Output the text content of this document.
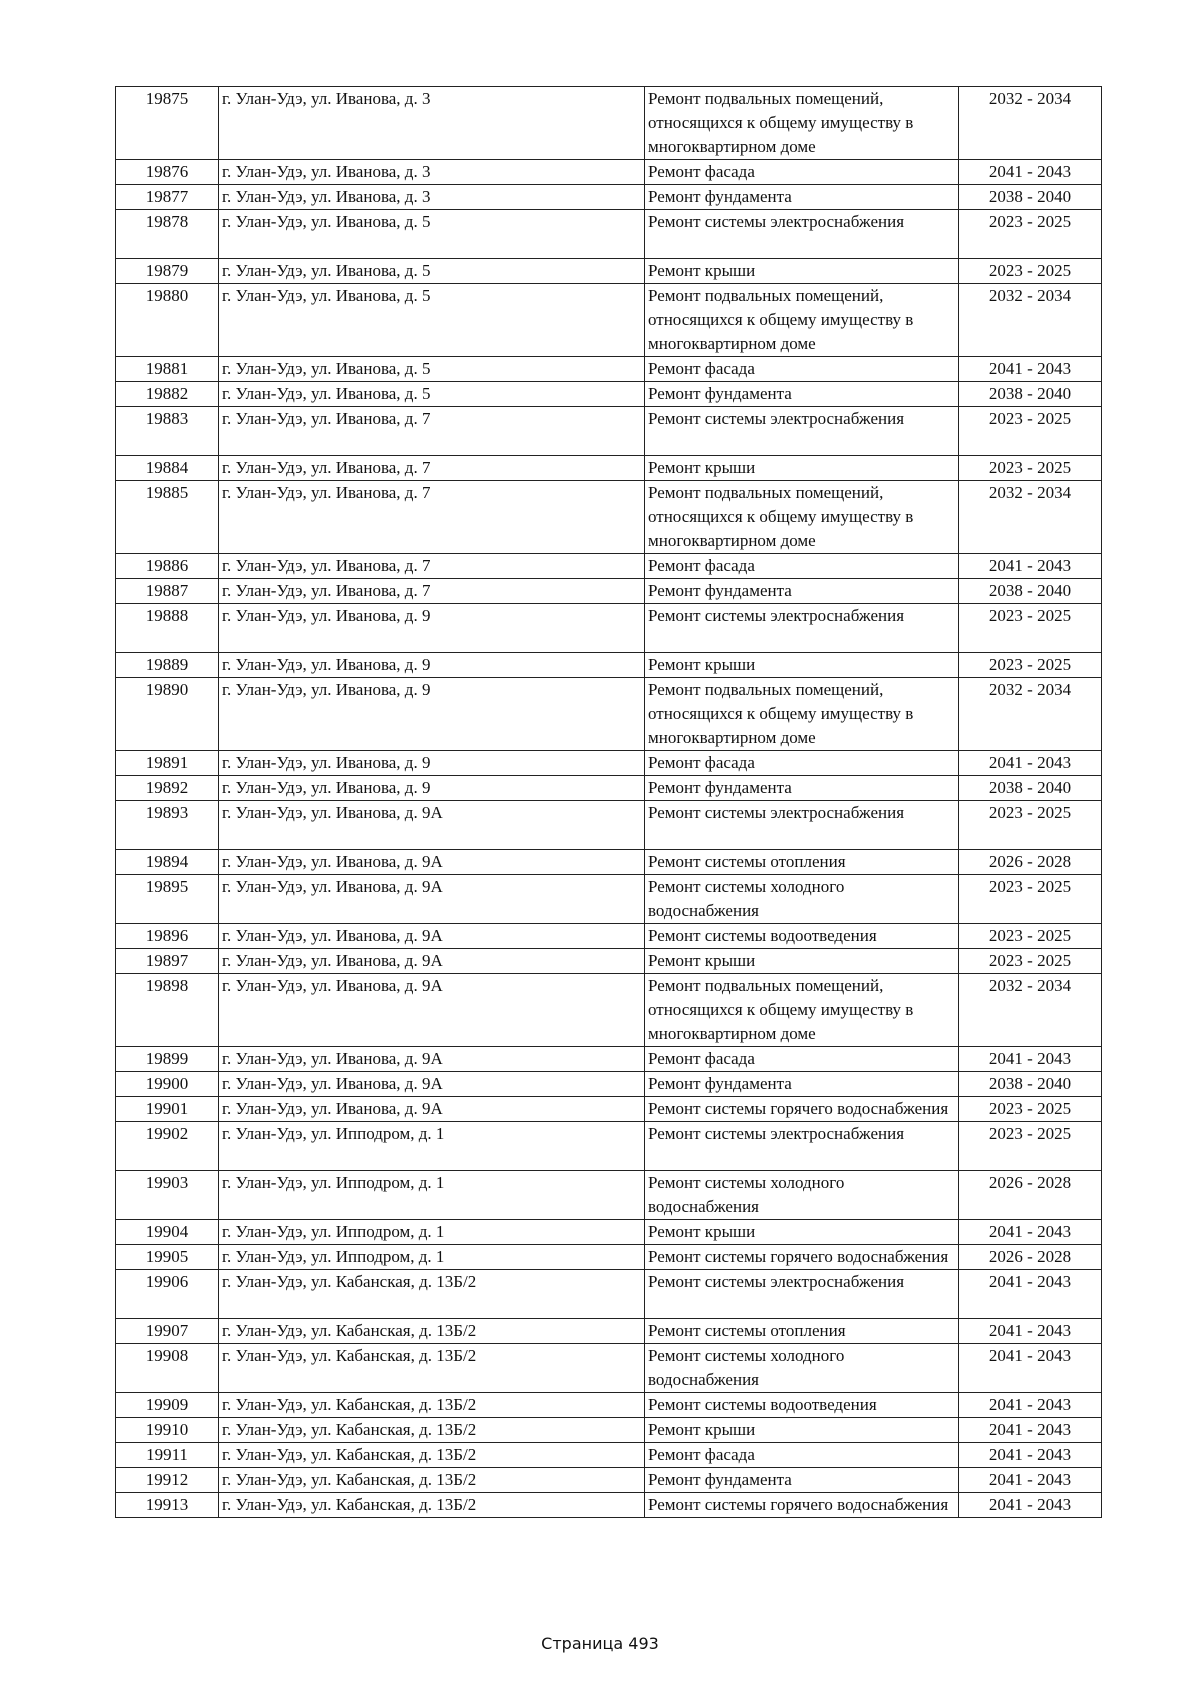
19875	г. Улан-Удэ, ул. Иванова, д. 3	Ремонт подвальных помещений, относящихся к общему имуществу в многоквартирном доме	2032 - 2034
19876	г. Улан-Удэ, ул. Иванова, д. 3	Ремонт фасада	2041 - 2043
19877	г. Улан-Удэ, ул. Иванова, д. 3	Ремонт фундамента	2038 - 2040
19878	г. Улан-Удэ, ул. Иванова, д. 5	Ремонт системы электроснабжения	2023 - 2025
19879	г. Улан-Удэ, ул. Иванова, д. 5	Ремонт крыши	2023 - 2025
19880	г. Улан-Удэ, ул. Иванова, д. 5	Ремонт подвальных помещений, относящихся к общему имуществу в многоквартирном доме	2032 - 2034
19881	г. Улан-Удэ, ул. Иванова, д. 5	Ремонт фасада	2041 - 2043
19882	г. Улан-Удэ, ул. Иванова, д. 5	Ремонт фундамента	2038 - 2040
19883	г. Улан-Удэ, ул. Иванова, д. 7	Ремонт системы электроснабжения	2023 - 2025
19884	г. Улан-Удэ, ул. Иванова, д. 7	Ремонт крыши	2023 - 2025
19885	г. Улан-Удэ, ул. Иванова, д. 7	Ремонт подвальных помещений, относящихся к общему имуществу в многоквартирном доме	2032 - 2034
19886	г. Улан-Удэ, ул. Иванова, д. 7	Ремонт фасада	2041 - 2043
19887	г. Улан-Удэ, ул. Иванова, д. 7	Ремонт фундамента	2038 - 2040
19888	г. Улан-Удэ, ул. Иванова, д. 9	Ремонт системы электроснабжения	2023 - 2025
19889	г. Улан-Удэ, ул. Иванова, д. 9	Ремонт крыши	2023 - 2025
19890	г. Улан-Удэ, ул. Иванова, д. 9	Ремонт подвальных помещений, относящихся к общему имуществу в многоквартирном доме	2032 - 2034
19891	г. Улан-Удэ, ул. Иванова, д. 9	Ремонт фасада	2041 - 2043
19892	г. Улан-Удэ, ул. Иванова, д. 9	Ремонт фундамента	2038 - 2040
19893	г. Улан-Удэ, ул. Иванова, д. 9А	Ремонт системы электроснабжения	2023 - 2025
19894	г. Улан-Удэ, ул. Иванова, д. 9А	Ремонт системы отопления	2026 - 2028
19895	г. Улан-Удэ, ул. Иванова, д. 9А	Ремонт системы холодного водоснабжения	2023 - 2025
19896	г. Улан-Удэ, ул. Иванова, д. 9А	Ремонт системы водоотведения	2023 - 2025
19897	г. Улан-Удэ, ул. Иванова, д. 9А	Ремонт крыши	2023 - 2025
19898	г. Улан-Удэ, ул. Иванова, д. 9А	Ремонт подвальных помещений, относящихся к общему имуществу в многоквартирном доме	2032 - 2034
19899	г. Улан-Удэ, ул. Иванова, д. 9А	Ремонт фасада	2041 - 2043
19900	г. Улан-Удэ, ул. Иванова, д. 9А	Ремонт фундамента	2038 - 2040
19901	г. Улан-Удэ, ул. Иванова, д. 9А	Ремонт системы горячего водоснабжения	2023 - 2025
19902	г. Улан-Удэ, ул. Ипподром, д. 1	Ремонт системы электроснабжения	2023 - 2025
19903	г. Улан-Удэ, ул. Ипподром, д. 1	Ремонт системы холодного водоснабжения	2026 - 2028
19904	г. Улан-Удэ, ул. Ипподром, д. 1	Ремонт крыши	2041 - 2043
19905	г. Улан-Удэ, ул. Ипподром, д. 1	Ремонт системы горячего водоснабжения	2026 - 2028
19906	г. Улан-Удэ, ул. Кабанская, д. 13Б/2	Ремонт системы электроснабжения	2041 - 2043
19907	г. Улан-Удэ, ул. Кабанская, д. 13Б/2	Ремонт системы отопления	2041 - 2043
19908	г. Улан-Удэ, ул. Кабанская, д. 13Б/2	Ремонт системы холодного водоснабжения	2041 - 2043
19909	г. Улан-Удэ, ул. Кабанская, д. 13Б/2	Ремонт системы водоотведения	2041 - 2043
19910	г. Улан-Удэ, ул. Кабанская, д. 13Б/2	Ремонт крыши	2041 - 2043
19911	г. Улан-Удэ, ул. Кабанская, д. 13Б/2	Ремонт фасада	2041 - 2043
19912	г. Улан-Удэ, ул. Кабанская, д. 13Б/2	Ремонт фундамента	2041 - 2043
19913	г. Улан-Удэ, ул. Кабанская, д. 13Б/2	Ремонт системы горячего водоснабжения	2041 - 2043
Страница 493
